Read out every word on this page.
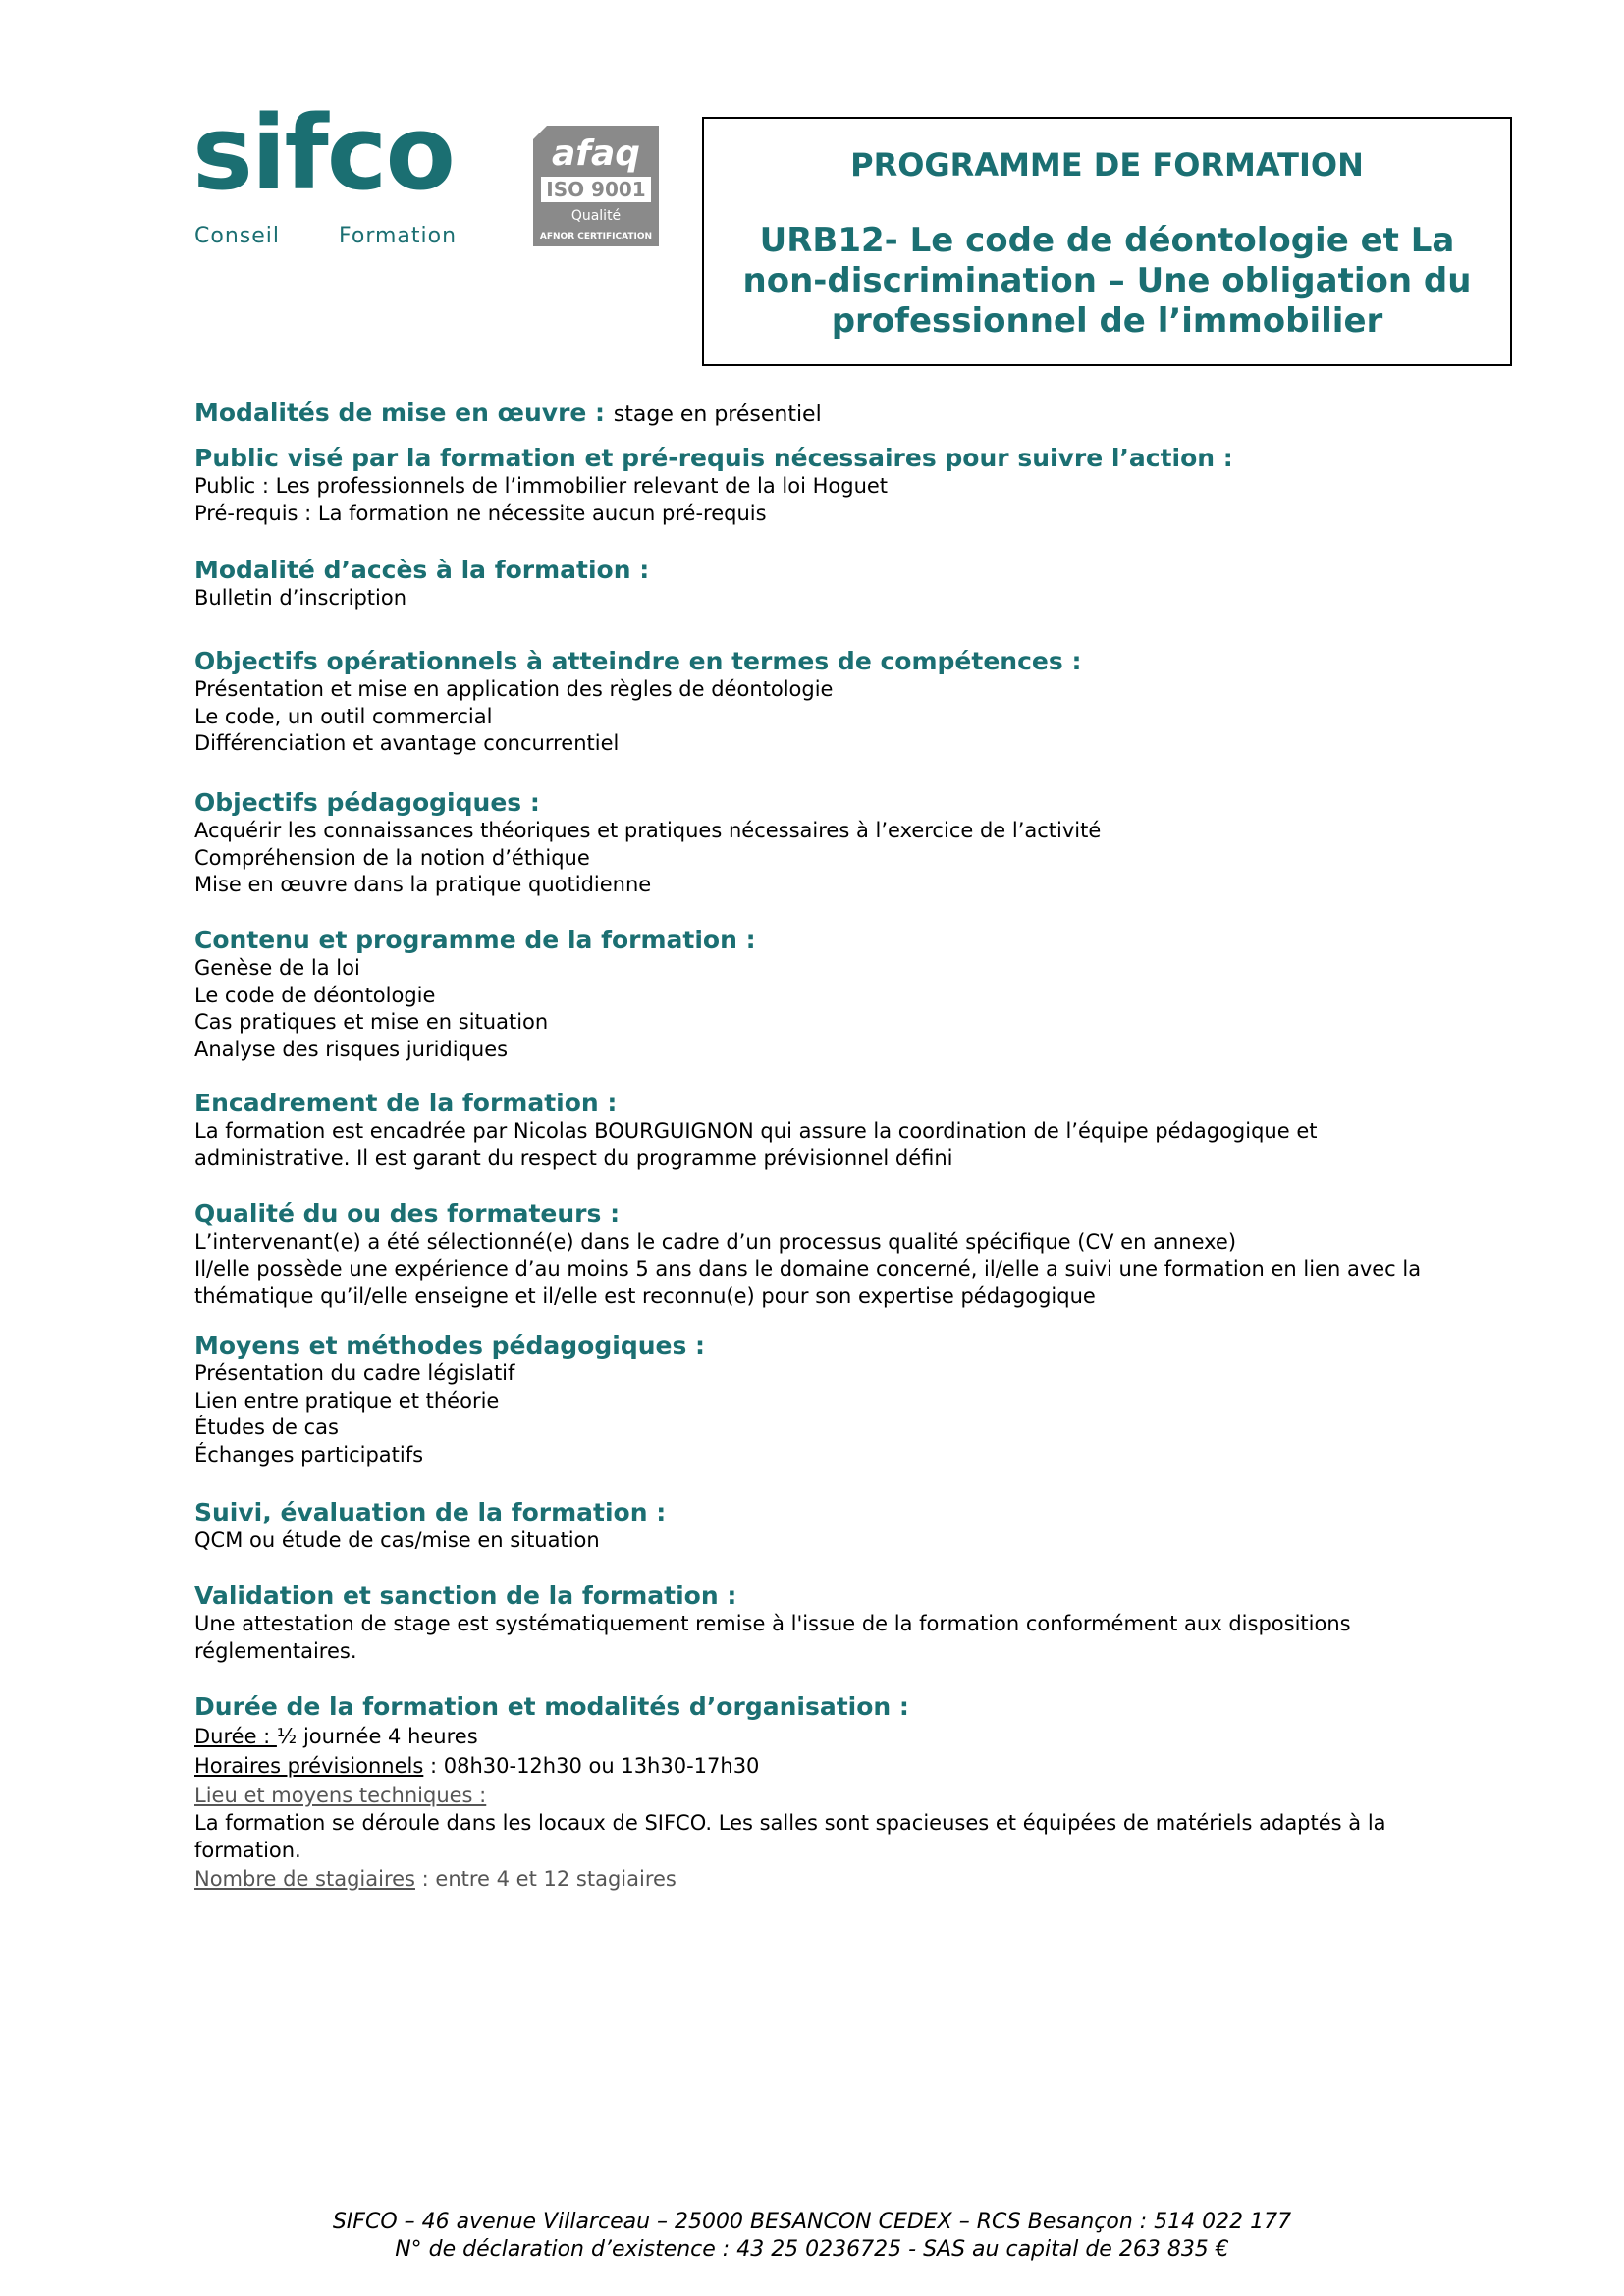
sifco
Conseil	Formation
afaq
ISO 9001
Qualité
AFNOR CERTIFICATION
PROGRAMME DE FORMATION
URB12- Le code de déontologie et La non-discrimination – Une obligation du professionnel de l’immobilier
Modalités de mise en œuvre : stage en présentiel
Public visé par la formation et pré-requis nécessaires pour suivre l’action :
Public : Les professionnels de l’immobilier relevant de la loi Hoguet
Pré-requis : La formation ne nécessite aucun pré-requis
Modalité d’accès à la formation :
Bulletin d’inscription
Objectifs opérationnels à atteindre en termes de compétences :
Présentation et mise en application des règles de déontologie
Le code, un outil commercial
Différenciation et avantage concurrentiel
Objectifs pédagogiques :
Acquérir les connaissances théoriques et pratiques nécessaires à l’exercice de l’activité
Compréhension de la notion d’éthique
Mise en œuvre dans la pratique quotidienne
Contenu et programme de la formation :
Genèse de la loi
Le code de déontologie
Cas pratiques et mise en situation
Analyse des risques juridiques
Encadrement de la formation :
La formation est encadrée par Nicolas BOURGUIGNON qui assure la coordination de l’équipe pédagogique et administrative. Il est garant du respect du programme prévisionnel défini
Qualité du ou des formateurs :
L’intervenant(e) a été sélectionné(e) dans le cadre d’un processus qualité spécifique (CV en annexe)
Il/elle possède une expérience d’au moins 5 ans dans le domaine concerné, il/elle a suivi une formation en lien avec la thématique qu’il/elle enseigne et il/elle est reconnu(e) pour son expertise pédagogique
Moyens et méthodes pédagogiques :
Présentation du cadre législatif
Lien entre pratique et théorie
Études de cas
Échanges participatifs
Suivi, évaluation de la formation :
QCM ou étude de cas/mise en situation
Validation et sanction de la formation :
Une attestation de stage est systématiquement remise à l'issue de la formation conformément aux dispositions réglementaires.
Durée de la formation et modalités d’organisation :
Durée : ½ journée 4 heures
Horaires prévisionnels : 08h30-12h30 ou 13h30-17h30
Lieu et moyens techniques :
La formation se déroule dans les locaux de SIFCO. Les salles sont spacieuses et équipées de matériels adaptés à la formation.
Nombre de stagiaires : entre 4 et 12 stagiaires
SIFCO – 46 avenue Villarceau – 25000 BESANCON CEDEX – RCS Besançon : 514 022 177
N° de déclaration d’existence : 43 25 0236725 - SAS au capital de 263 835 €
